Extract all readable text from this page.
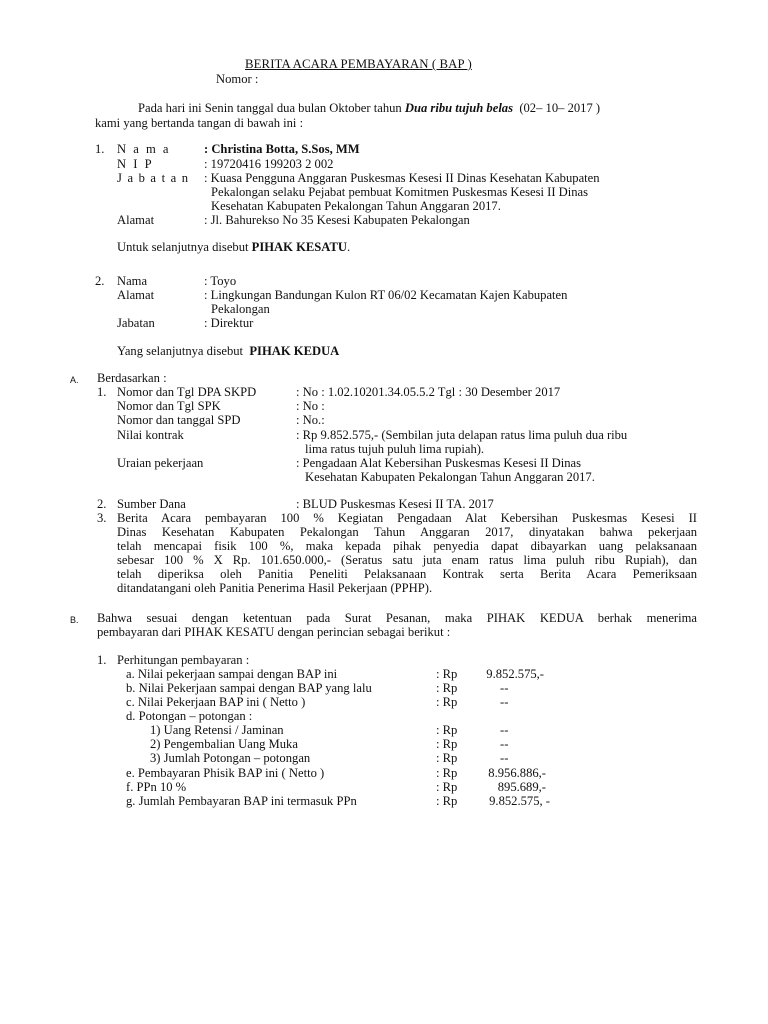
BERITA ACARA PEMBAYARAN ( BAP )
Nomor :
Pada hari ini Senin tanggal dua bulan Oktober tahun Dua ribu tujuh belas (02– 10– 2017 )
kami yang bertanda tangan di bawah ini :
1. N a m a	: Christina Botta, S.Sos, MM
N I P	: 19720416 199203 2 002
J a b a t a n : Kuasa Pengguna Anggaran Puskesmas Kesesi II Dinas Kesehatan Kabupaten
Pekalongan selaku Pejabat pembuat Komitmen Puskesmas Kesesi II Dinas
Kesehatan Kabupaten Pekalongan Tahun Anggaran 2017.
Alamat	: Jl. Bahurekso No 35 Kesesi Kabupaten Pekalongan
Untuk selanjutnya disebut PIHAK KESATU.
2. Nama	: Toyo
Alamat	: Lingkungan Bandungan Kulon RT 06/02 Kecamatan Kajen Kabupaten
Pekalongan
Jabatan	: Direktur
Yang selanjutnya disebut PIHAK KEDUA
A. Berdasarkan :
1. Nomor dan Tgl DPA SKPD	: No : 1.02.10201.34.05.5.2 Tgl : 30 Desember 2017
Nomor dan Tgl SPK	: No :
Nomor dan tanggal SPD	: No.:
Nilai kontrak	: Rp 9.852.575,- (Sembilan juta delapan ratus lima puluh dua ribu
lima ratus tujuh puluh lima rupiah).
Uraian pekerjaan	: Pengadaan Alat Kebersihan Puskesmas Kesesi II Dinas
Kesehatan Kabupaten Pekalongan Tahun Anggaran 2017.
2. Sumber Dana	: BLUD Puskesmas Kesesi II TA. 2017
3. Berita Acara pembayaran 100 % Kegiatan Pengadaan Alat Kebersihan Puskesmas Kesesi II
Dinas Kesehatan Kabupaten Pekalongan Tahun Anggaran 2017, dinyatakan bahwa pekerjaan
telah mencapai fisik 100 %, maka kepada pihak penyedia dapat dibayarkan uang pelaksanaan
sebesar 100 % X Rp. 101.650.000,- (Seratus satu juta enam ratus lima puluh ribu Rupiah), dan
telah diperiksa oleh Panitia Peneliti Pelaksanaan Kontrak serta Berita Acara Pemeriksaan
ditandatangani oleh Panitia Penerima Hasil Pekerjaan (PPHP).
B. Bahwa sesuai dengan ketentuan pada Surat Pesanan, maka PIHAK KEDUA berhak menerima
pembayaran dari PIHAK KESATU dengan perincian sebagai berikut :
1. Perhitungan pembayaran :
a. Nilai pekerjaan sampai dengan BAP ini	: Rp	9.852.575,-
b. Nilai Pekerjaan sampai dengan BAP yang lalu	: Rp	--
c. Nilai Pekerjaan BAP ini ( Netto )	: Rp	--
d. Potongan – potongan :
1) Uang Retensi / Jaminan	: Rp	--
2) Pengembalian Uang Muka	: Rp	--
3) Jumlah Potongan – potongan	: Rp	--
e. Pembayaran Phisik BAP ini ( Netto )	: Rp	8.956.886,-
f. PPn 10 %	: Rp	895.689,-
g. Jumlah Pembayaran BAP ini termasuk PPn	: Rp	9.852.575, -
